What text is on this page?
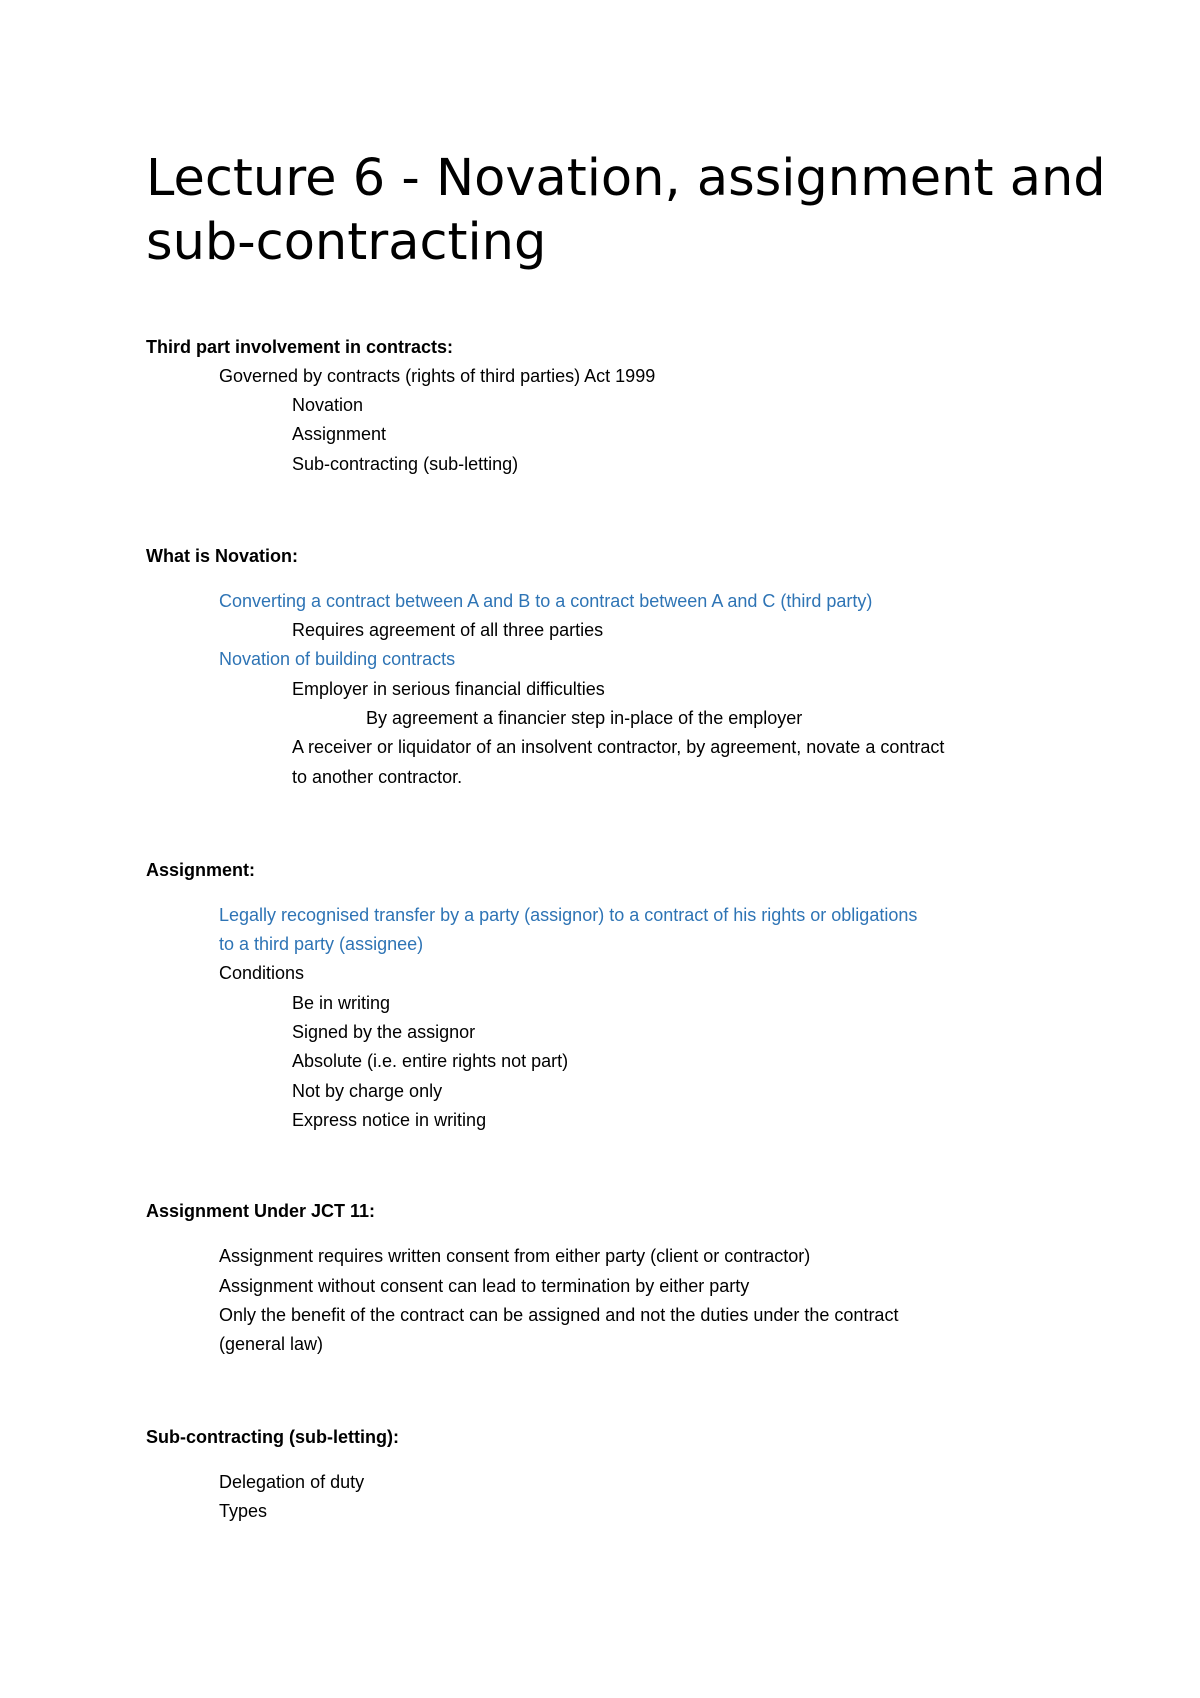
Lecture 6 - Novation, assignment and sub-contracting

Third part involvement in contracts:

Governed by contracts (rights of third parties) Act 1999

Novation

Assignment

Sub-contracting (sub-letting)

What is Novation:

Converting a contract between A and B to a contract between A and C (third party)

Requires agreement of all three parties

Novation of building contracts

Employer in serious financial difficulties

By agreement a financier step in-place of the employer

A receiver or liquidator of an insolvent contractor, by agreement, novate a contract

to another contractor.

Assignment:

Legally recognised transfer by a party (assignor) to a contract of his rights or obligations

to a third party (assignee)

Conditions

Be in writing

Signed by the assignor

Absolute (i.e. entire rights not part)

Not by charge only

Express notice in writing

Assignment Under JCT 11:

Assignment requires written consent from either party (client or contractor)

Assignment without consent can lead to termination by either party

Only the benefit of the contract can be assigned and not the duties under the contract

(general law)

Sub-contracting (sub-letting):

Delegation of duty

Types
